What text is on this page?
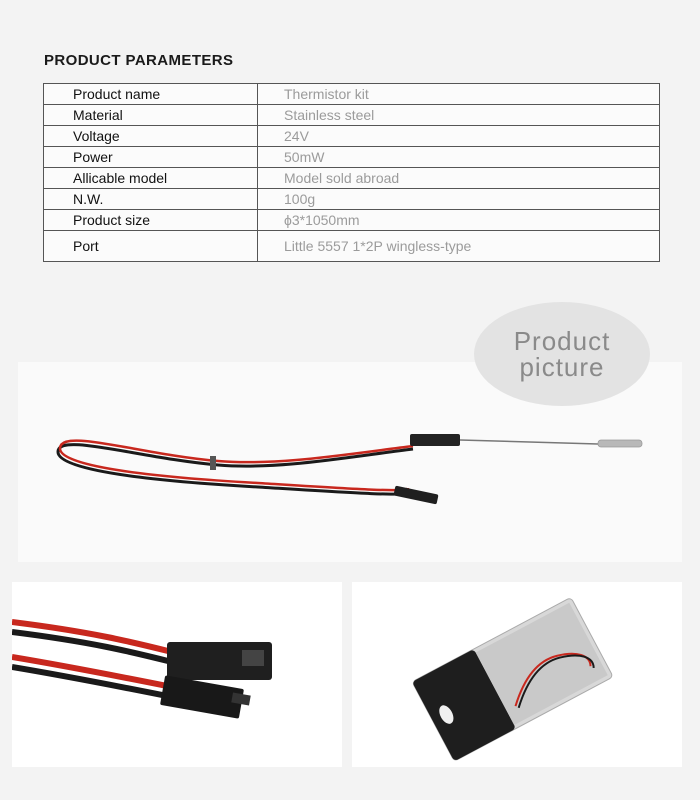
PRODUCT PARAMETERS
Product name	Thermistor kit
Material	Stainless steel
Voltage	24V
Power	50mW
Allicable model	Model sold abroad
N.W.	100g
Product size	ϕ3*1050mm
Port	Little 5557 1*2P wingless-type
Product
picture
